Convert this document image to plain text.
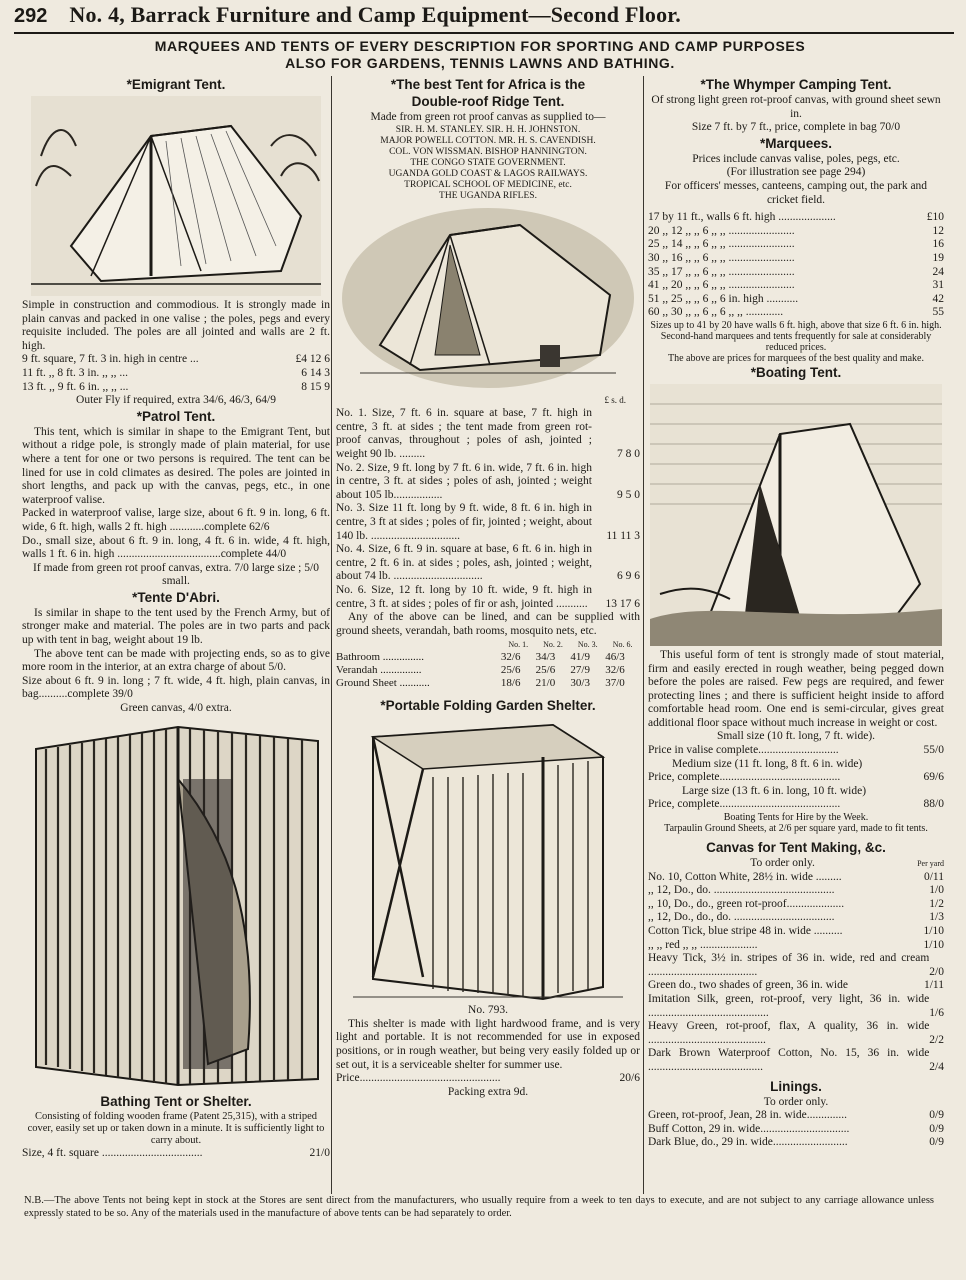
292 No. 4, Barrack Furniture and Camp Equipment—Second Floor.
MARQUEES AND TENTS OF EVERY DESCRIPTION FOR SPORTING AND CAMP PURPOSES
ALSO FOR GARDENS, TENNIS LAWNS AND BATHING.
*Emigrant Tent.

Simple in construction and commodious. It is strongly made in plain canvas and packed in one valise ; the poles, pegs and every requisite included. The poles are all jointed and walls are 2 ft. high.

9 ft. square, 7 ft. 3 in. high in centre ...	£4 12 6
11 ft. ,, 8 ft. 3 in. ,, ,, ...	6 14 3
13 ft. ,, 9 ft. 6 in. ,, ,, ...	8 15 9

Outer Fly if required, extra 34/6, 46/3, 64/9

*Patrol Tent.

This tent, which is similar in shape to the Emigrant Tent, but without a ridge pole, is strongly made of plain material, for use where a tent for one or two persons is required. The tent can be lined for use in cold climates as desired. The poles are jointed in short lengths, and pack up with the canvas, pegs, etc., in one waterproof valise.

Packed in waterproof valise, large size, about 6 ft. 9 in. long, 6 ft. wide, 6 ft. high, walls 2 ft. high ............complete 62/6

Do., small size, about 6 ft. 9 in. long, 4 ft. 6 in. wide, 4 ft. high, walls 1 ft. 6 in. high ....................................complete 44/0

If made from green rot proof canvas, extra. 7/0 large size ; 5/0 small.

*Tente D'Abri.

Is similar in shape to the tent used by the French Army, but of stronger make and material. The poles are in two parts and pack up with tent in bag, weight about 19 lb.

The above tent can be made with projecting ends, so as to give more room in the interior, at an extra charge of about 5/0.

Size about 6 ft. 9 in. long ; 7 ft. wide, 4 ft. high, plain canvas, in bag..........complete 39/0

Green canvas, 4/0 extra.

Bathing Tent or Shelter.

Consisting of folding wooden frame (Patent 25,315), with a striped cover, easily set up or taken down in a minute. It is sufficiently light to carry about.

Size, 4 ft. square ...................................	21/0
*The best Tent for Africa is the
Double-roof Ridge Tent.

Made from green rot proof canvas as supplied to—

SIR. H. M. STANLEY. SIR. H. H. JOHNSTON.
MAJOR POWELL COTTON. MR. H. S. CAVENDISH.
COL. VON WISSMAN. BISHOP HANNINGTON.
THE CONGO STATE GOVERNMENT.
UGANDA GOLD COAST & LAGOS RAILWAYS.
TROPICAL SCHOOL OF MEDICINE, etc.
THE UGANDA RIFLES.
£ s. d.

No. 1. Size, 7 ft. 6 in. square at base, 7 ft. high in centre, 3 ft. at sides ; the tent made from green rot-proof canvas, throughout ; poles of ash, jointed ; weight 90 lb. .........	7 8 0

No. 2. Size, 9 ft. long by 7 ft. 6 in. wide, 7 ft. 6 in. high in centre, 3 ft. at sides ; poles of ash, jointed ; weight about 105 lb.................	9 5 0

No. 3. Size 11 ft. long by 9 ft. wide, 8 ft. 6 in. high in centre, 3 ft at sides ; poles of fir, jointed ; weight, about 140 lb. ...............................	11 11 3

No. 4. Size, 6 ft. 9 in. square at base, 6 ft. 6 in. high in centre, 2 ft. 6 in. at sides ; poles, ash, jointed ; weight, about 74 lb. ...............................	6 9 6

No. 6. Size, 12 ft. long by 10 ft. wide, 9 ft. high in centre, 3 ft. at sides ; poles of fir or ash, jointed ...........	13 17 6

Any of the above can be lined, and can be supplied with ground sheets, verandah, bath rooms, mosquito nets, etc.

	No. 1.	No. 2.	No. 3.	No. 6.
Bathroom ...............	32/6	34/3	41/9	46/3
Verandah ...............	25/6	25/6	27/9	32/6
Ground Sheet ...........	18/6	21/0	30/3	37/0
*Portable Folding Garden Shelter.
No. 793.

This shelter is made with light hardwood frame, and is very light and portable. It is not recommended for use in exposed positions, or in rough weather, but being very easily folded up or set out, it is a serviceable shelter for summer use.

Price.................................................	20/6
Packing extra 9d.
*The Whymper Camping Tent.

Of strong light green rot-proof canvas, with ground sheet sewn in.

Size 7 ft. by 7 ft., price, complete in bag 70/0

*Marquees.

Prices include canvas valise, poles, pegs, etc.

(For illustration see page 294)

For officers' messes, canteens, camping out, the park and cricket field.

17 by 11 ft., walls 6 ft. high ....................	£10
20 ,, 12 ,, ,, 6 ,, ,, .......................	12
25 ,, 14 ,, ,, 6 ,, ,, .......................	16
30 ,, 16 ,, ,, 6 ,, ,, .......................	19
35 ,, 17 ,, ,, 6 ,, ,, .......................	24
41 ,, 20 ,, ,, 6 ,, ,, .......................	31
51 ,, 25 ,, ,, 6 ,, 6 in. high ...........	42
60 ,, 30 ,, ,, 6 ,, 6 ,, ,, .............	55

Sizes up to 41 by 20 have walls 6 ft. high, above that size 6 ft. 6 in. high.

Second-hand marquees and tents frequently for sale at considerably reduced prices.

The above are prices for marquees of the best quality and make.

*Boating Tent.

This useful form of tent is strongly made of stout material, firm and easily erected in rough weather, being pegged down before the poles are raised. Few pegs are required, and fewer protecting lines ; and there is sufficient height inside to afford comfortable head room. One end is semi-circular, gives great additional floor space without much increase in weight or cost.

Small size (10 ft. long, 7 ft. wide).

Price in valise complete............................	55/0
Medium size (11 ft. long, 8 ft. 6 in. wide)
Price, complete..........................................	69/6
Large size (13 ft. 6 in. long, 10 ft. wide)
Price, complete..........................................	88/0

Boating Tents for Hire by the Week.

Tarpaulin Ground Sheets, at 2/6 per square yard, made to fit tents.

Canvas for Tent Making, &c.
To order only.	Per yard
No. 10, Cotton White, 28½ in. wide .........	0/11
,, 12, Do., do. ..........................................	1/0
,, 10, Do., do., green rot-proof....................	1/2
,, 12, Do., do., do. ...................................	1/3
Cotton Tick, blue stripe 48 in. wide ..........	1/10
,, ,, red ,, ,, ....................	1/10

Heavy Tick, 3½ in. stripes of 36 in. wide, red and cream ......................................	2/0
Green do., two shades of green, 36 in. wide	1/11

Imitation Silk, green, rot-proof, very light, 36 in. wide ..........................................	1/6

Heavy Green, rot-proof, flax, A quality, 36 in. wide .........................................	2/2

Dark Brown Waterproof Cotton, No. 15, 36 in. wide ........................................	2/4
Linings.
To order only.
Green, rot-proof, Jean, 28 in. wide..............	0/9
Buff Cotton, 29 in. wide...............................	0/9
Dark Blue, do., 29 in. wide..........................	0/9
N.B.—The above Tents not being kept in stock at the Stores are sent direct from the manufacturers, who usually require from a week to ten days to execute, and are not subject to any carriage allowance unless expressly stated to be so. Any of the materials used in the manufacture of above tents can be had separately to order.
